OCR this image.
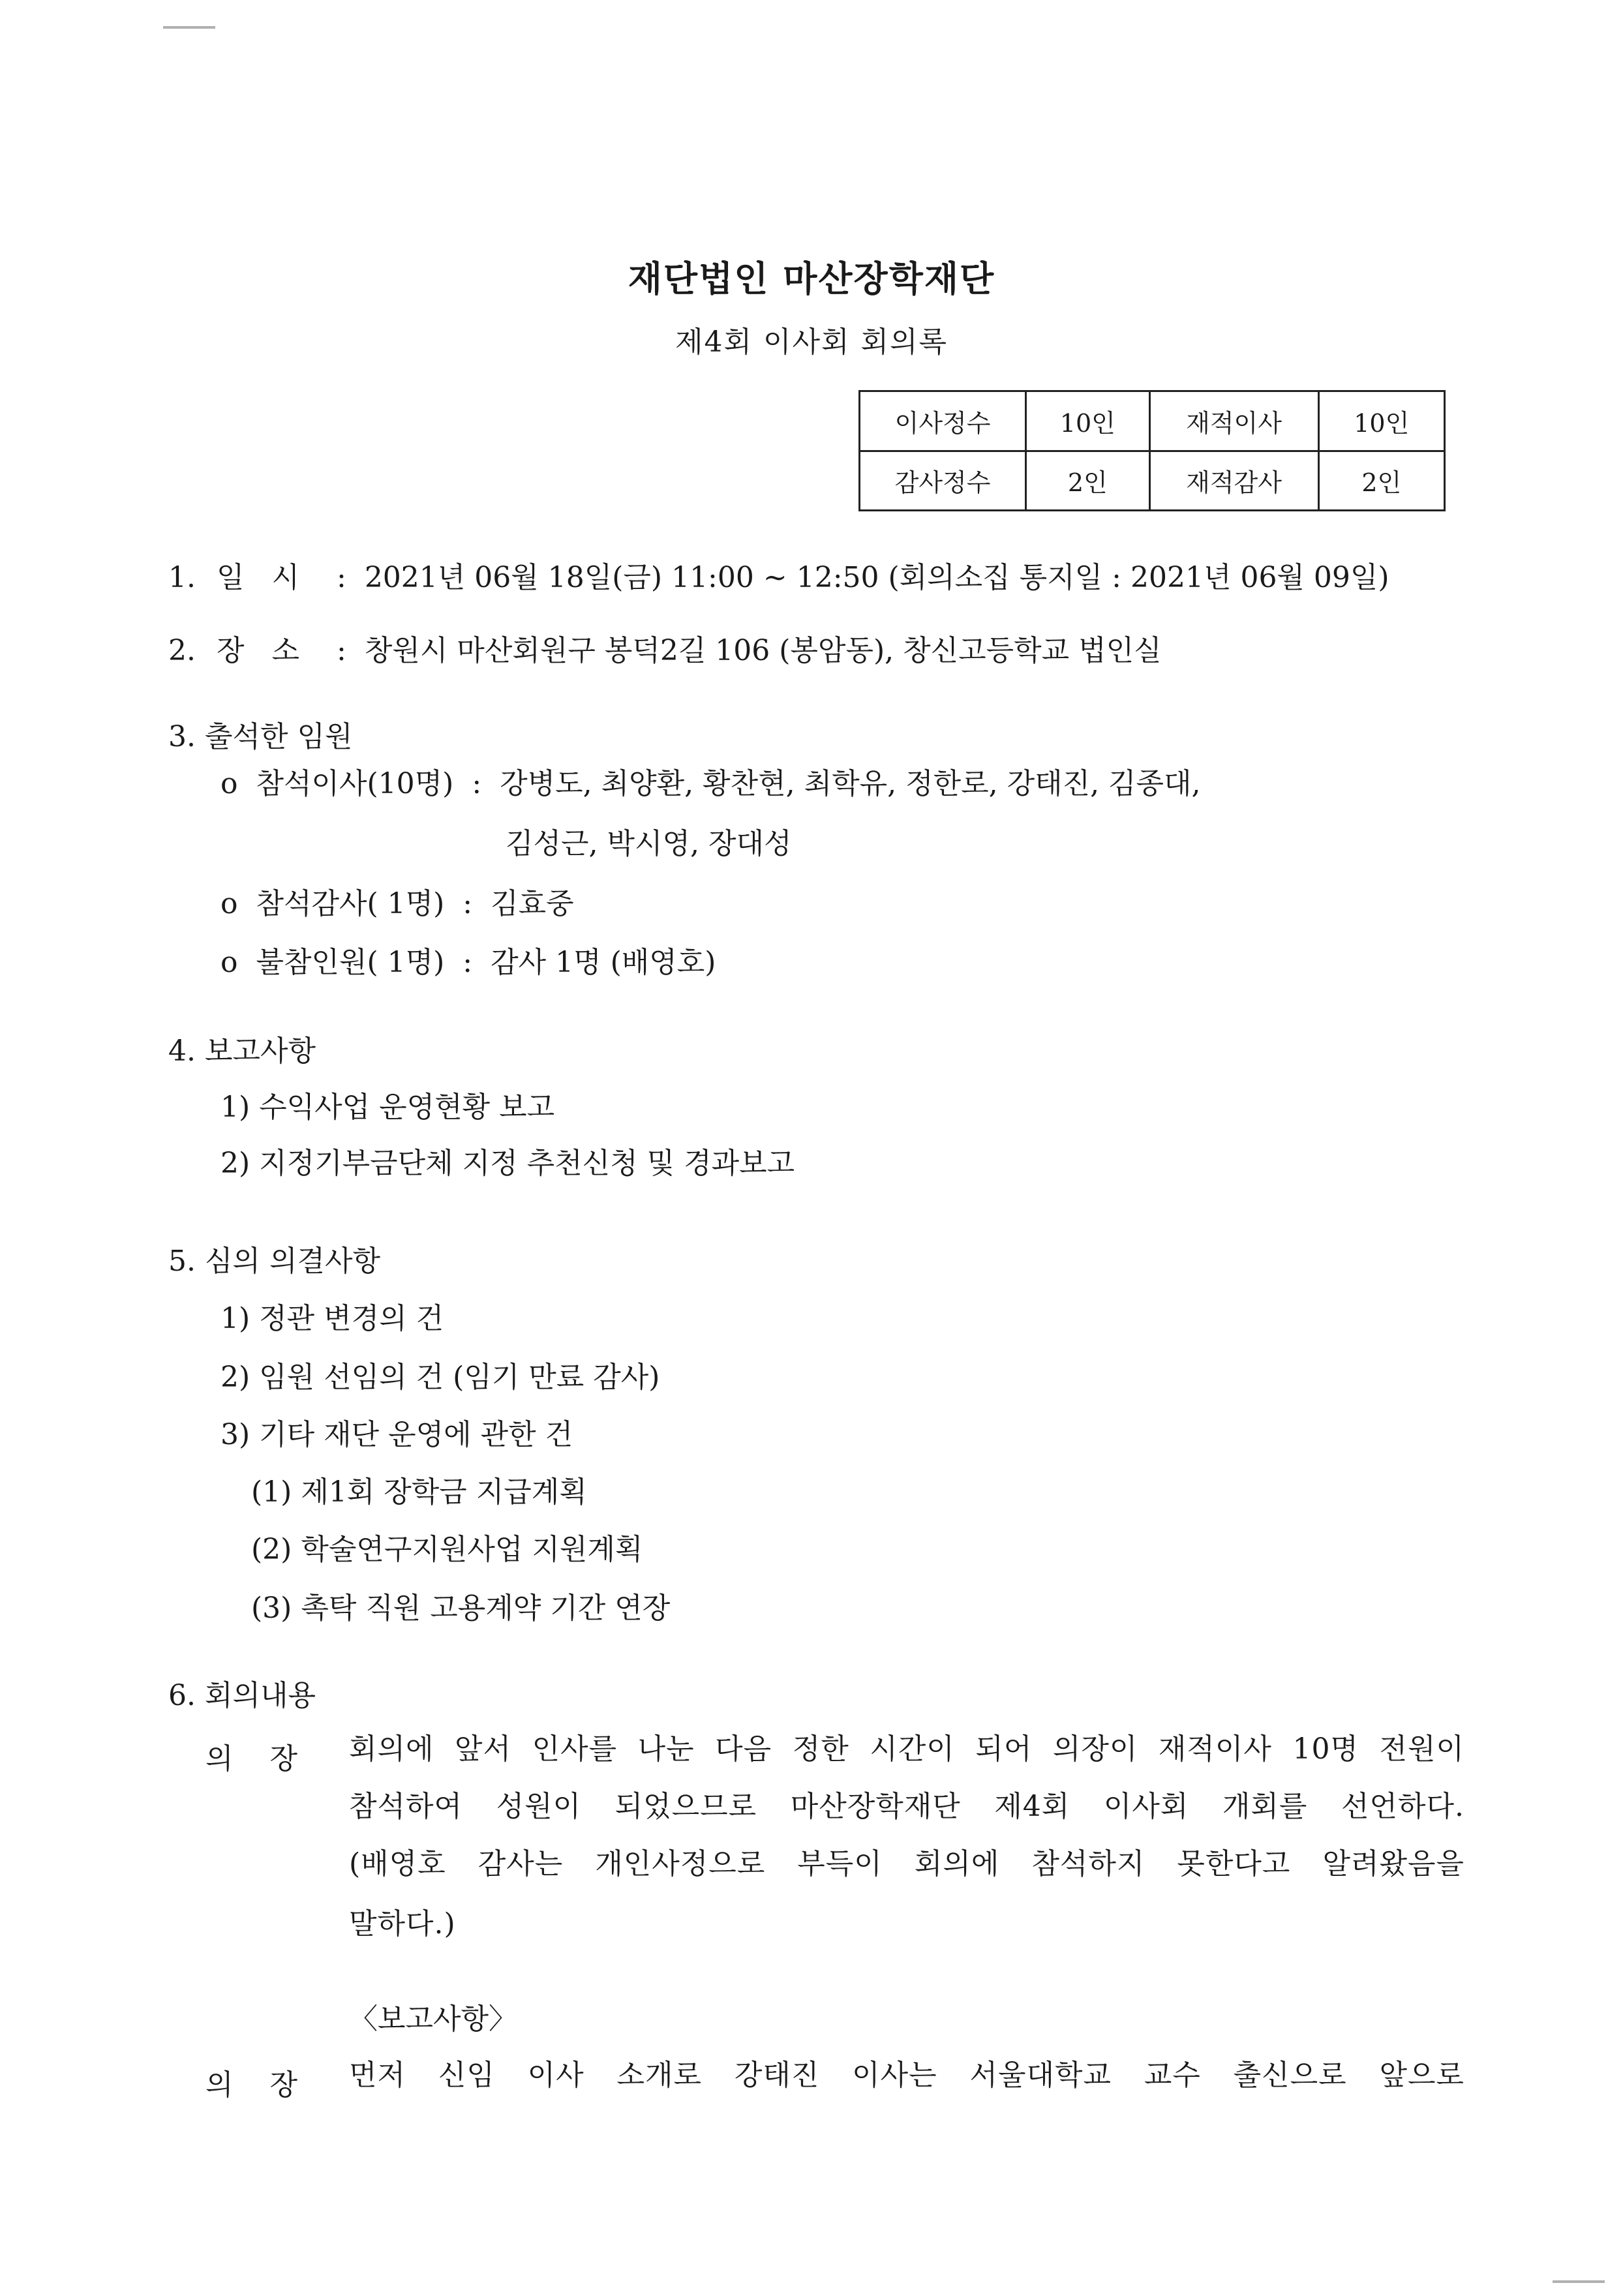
재단법인 마산장학재단
제4회 이사회 회의록
이사정수	10인	재적이사	10인
감사정수	2인	재적감사	2인
1. 일   시 : 2021년 06월 18일(금) 11:00 ~ 12:50 (회의소집 통지일 : 2021년 06월 09일)
2. 장   소 : 창원시 마산회원구 봉덕2길 106 (봉암동), 창신고등학교 법인실
3. 출석한 임원
o  참석이사(10명) : 강병도, 최양환, 황찬현, 최학유, 정한로, 강태진, 김종대,
김성근, 박시영, 장대성
o  참석감사( 1명) : 김효중
o  불참인원( 1명) : 감사 1명 (배영호)
4. 보고사항
1) 수익사업 운영현황 보고
2) 지정기부금단체 지정 추천신청 및 경과보고
5. 심의 의결사항
1) 정관 변경의 건
2) 임원 선임의 건 (임기 만료 감사)
3) 기타 재단 운영에 관한 건
(1) 제1회 장학금 지급계획
(2) 학술연구지원사업 지원계획
(3) 촉탁 직원 고용계약 기간 연장
6. 회의내용
의    장 회의에 앞서 인사를 나눈 다음 정한 시간이 되어 의장이 재적이사 10명 전원이
참석하여 성원이 되었으므로 마산장학재단 제4회 이사회 개회를 선언하다.
(배영호 감사는 개인사정으로 부득이 회의에 참석하지 못한다고 알려왔음을
말하다.)
〈보고사항〉
의    장 먼저 신임 이사 소개로 강태진 이사는 서울대학교 교수 출신으로 앞으로
